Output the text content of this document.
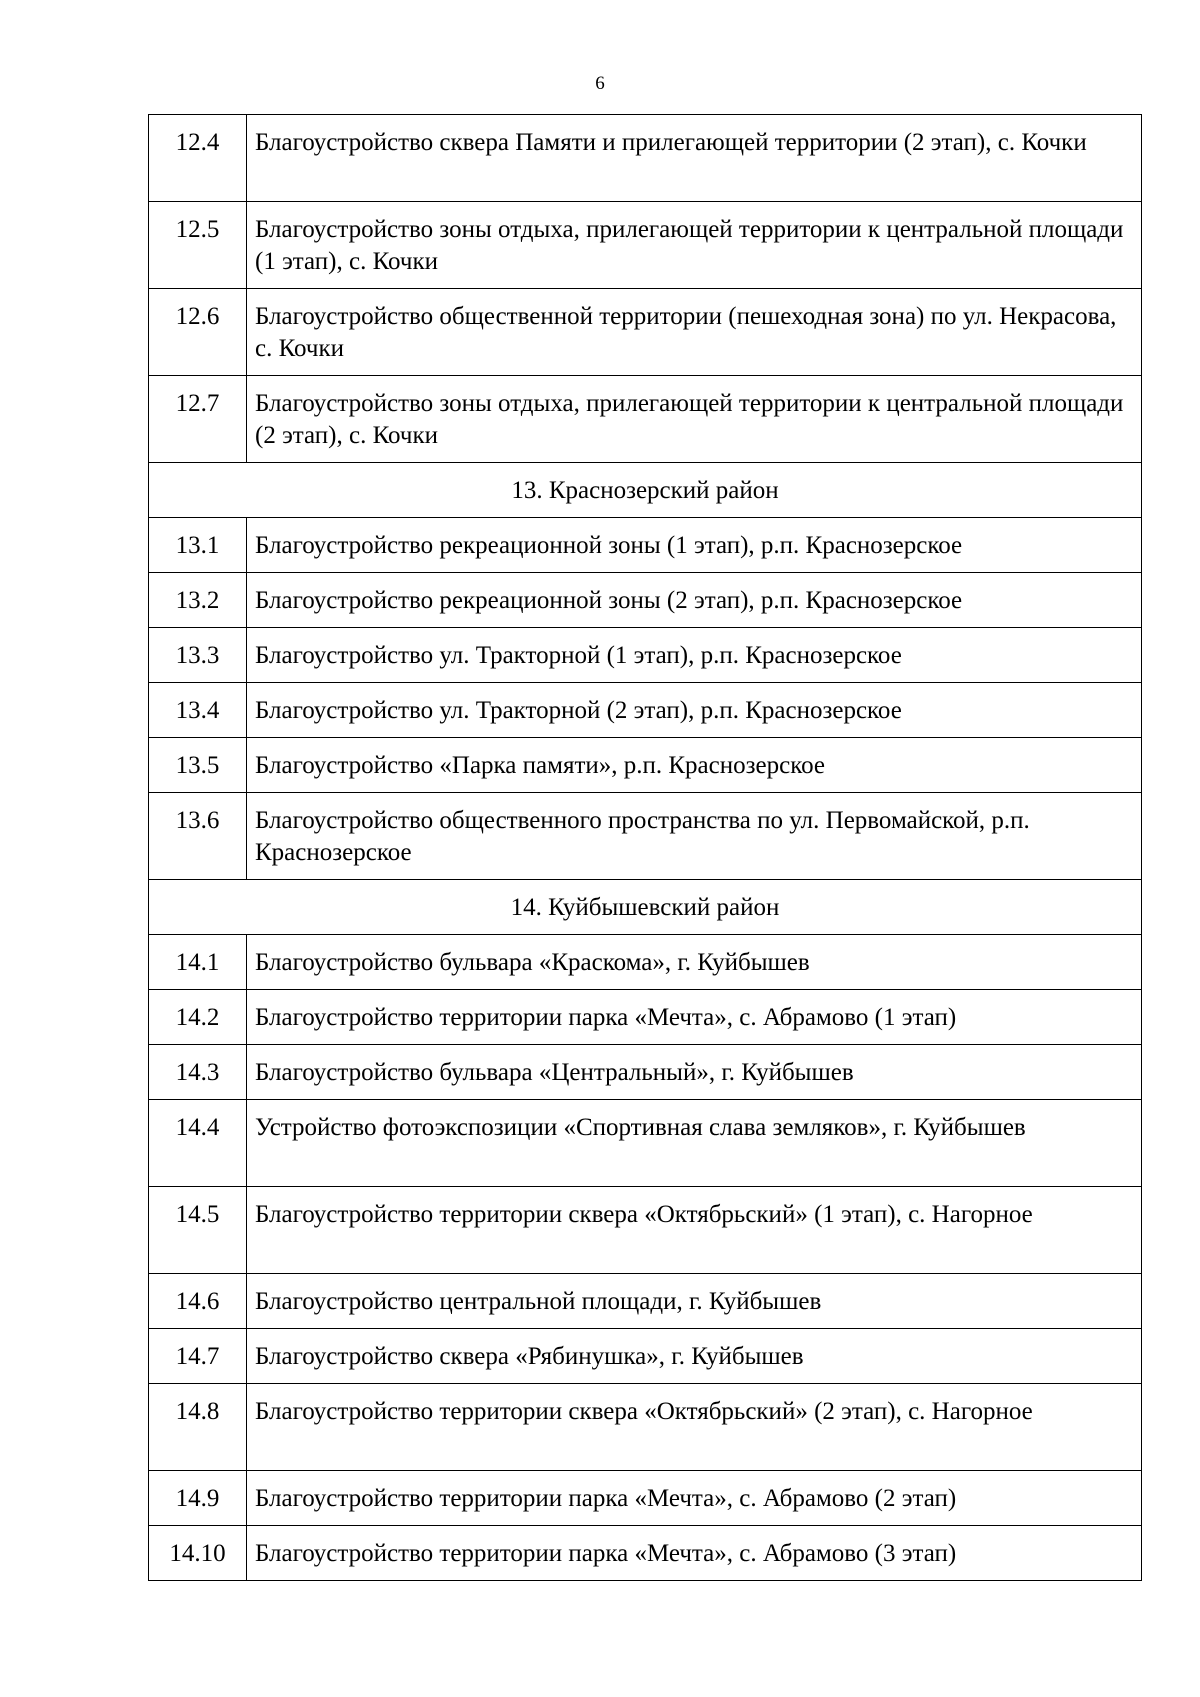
6
12.4	Благоустройство сквера Памяти и прилегающей территории (2 этап), с. Кочки
12.5	Благоустройство зоны отдыха, прилегающей территории к центральной площади (1 этап), с. Кочки
12.6	Благоустройство общественной территории (пешеходная зона) по ул. Некрасова, с. Кочки
12.7	Благоустройство зоны отдыха, прилегающей территории к центральной площади (2 этап), с. Кочки
13. Краснозерский район	
13.1	Благоустройство рекреационной зоны (1 этап), р.п. Краснозерское
13.2	Благоустройство рекреационной зоны (2 этап), р.п. Краснозерское
13.3	Благоустройство ул. Тракторной (1 этап), р.п. Краснозерское
13.4	Благоустройство ул. Тракторной (2 этап), р.п. Краснозерское
13.5	Благоустройство «Парка памяти», р.п. Краснозерское
13.6	Благоустройство общественного пространства по ул. Первомайской, р.п. Краснозерское
14. Куйбышевский район	
14.1	Благоустройство бульвара «Краскома», г. Куйбышев
14.2	Благоустройство территории парка «Мечта», с. Абрамово (1 этап)
14.3	Благоустройство бульвара «Центральный», г. Куйбышев
14.4	Устройство фотоэкспозиции «Спортивная слава земляков», г. Куйбышев
14.5	Благоустройство территории сквера «Октябрьский» (1 этап), с. Нагорное
14.6	Благоустройство центральной площади, г. Куйбышев
14.7	Благоустройство сквера «Рябинушка», г. Куйбышев
14.8	Благоустройство территории сквера «Октябрьский» (2 этап), с. Нагорное
14.9	Благоустройство территории парка «Мечта», с. Абрамово (2 этап)
14.10	Благоустройство территории парка «Мечта», с. Абрамово (3 этап)
